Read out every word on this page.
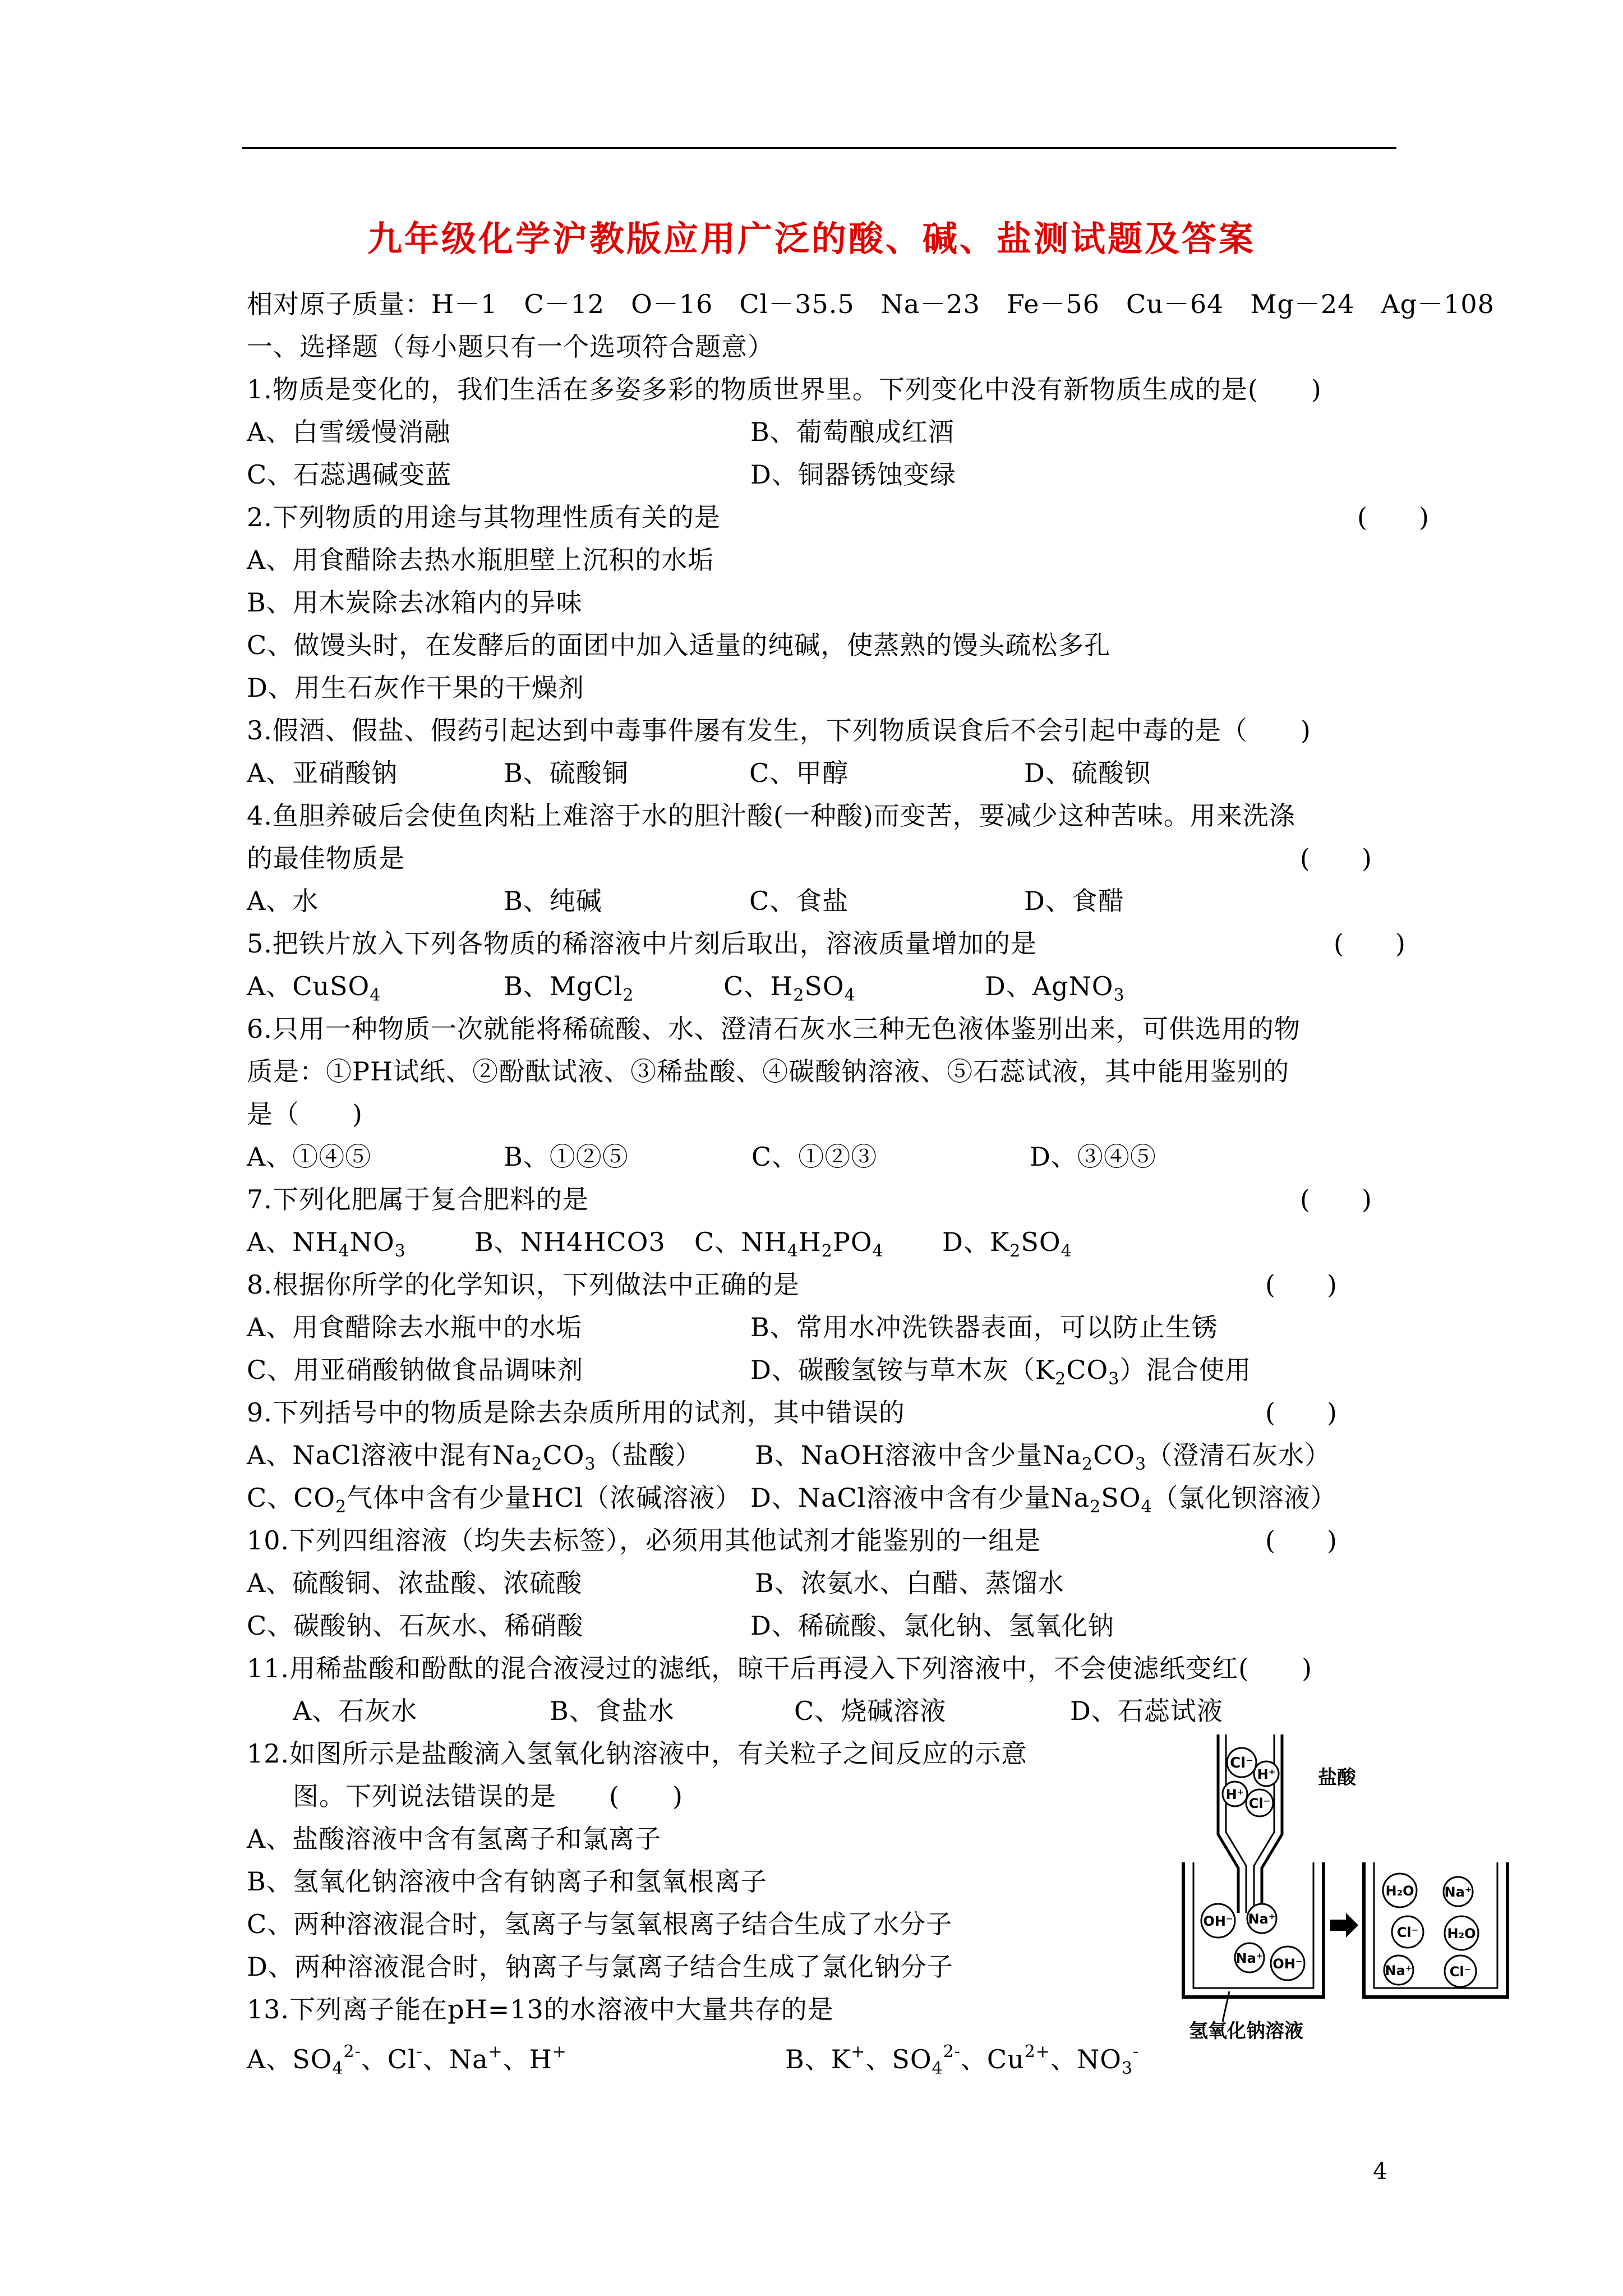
九年级化学沪教版应用广泛的酸、碱、盐测试题及答案
相对原子质量：H－1　C－12　O－16　Cl－35.5　Na－23　Fe－56　Cu－64　Mg－24　Ag－108
一、选择题（每小题只有一个选项符合题意）
1.物质是变化的，我们生活在多姿多彩的物质世界里。下列变化中没有新物质生成的是(　　)
A、白雪缓慢消融	B、葡萄酿成红酒
C、石蕊遇碱变蓝	D、铜器锈蚀变绿
2.下列物质的用途与其物理性质有关的是	(　　)
A、用食醋除去热水瓶胆壁上沉积的水垢
B、用木炭除去冰箱内的异味
C、做馒头时，在发酵后的面团中加入适量的纯碱，使蒸熟的馒头疏松多孔
D、用生石灰作干果的干燥剂
3.假酒、假盐、假药引起达到中毒事件屡有发生，下列物质误食后不会引起中毒的是（　　)
A、亚硝酸钠	B、硫酸铜	C、甲醇	D、硫酸钡
4.鱼胆养破后会使鱼肉粘上难溶于水的胆汁酸(一种酸)而变苦，要减少这种苦味。用来洗涤
的最佳物质是	(　　)
A、水	B、纯碱	C、食盐	D、食醋
5.把铁片放入下列各物质的稀溶液中片刻后取出，溶液质量增加的是	(　　)
A、CuSO$_4$	B、MgCl$_2$	C、$H_2SO_4$	D、AgNO$_3$
6.只用一种物质一次就能将稀硫酸、水、澄清石灰水三种无色液体鉴别出来，可供选用的物
质是：①PH试纸、②酚酞试液、③稀盐酸、④碳酸钠溶液、⑤石蕊试液，其中能用鉴别的
是（　　)
A、①④⑤	B、①②⑤	C、①②③	D、③④⑤
7.下列化肥属于复合肥料的是	(　　)
A、$NH_4NO_3$	B、NH4HCO3 C、$NH_4H_2PO_4$ D、$K_2SO_4$
8.根据你所学的化学知识，下列做法中正确的是	(　　)
A、用食醋除去水瓶中的水垢	B、常用水冲洗铁器表面，可以防止生锈
C、用亚硝酸钠做食品调味剂	D、碳酸氢铵与草木灰$(K_2CO_3)$混合使用
9.下列括号中的物质是除去杂质所用的试剂，其中错误的	(　　)
A、NaCl溶液中混有$Na_2CO_3$（盐酸） B、NaOH溶液中含少量$Na_2CO_3$（澄清石灰水）
C、$CO_2$气体中含有少量HCl（浓碱溶液） D、NaCl溶液中含有少量$Na_2SO_4$（氯化钡溶液）
10.下列四组溶液（均失去标签），必须用其他试剂才能鉴别的一组是	(　　)
A、硫酸铜、浓盐酸、浓硫酸	B、浓氨水、白醋、蒸馏水
C、碳酸钠、石灰水、稀硝酸	D、稀硫酸、氯化钠、氢氧化钠
11.用稀盐酸和酚酞的混合液浸过的滤纸，晾干后再浸入下列溶液中，不会使滤纸变红(　　)
A、石灰水	B、食盐水	C、烧碱溶液	D、石蕊试液
12.如图所示是盐酸滴入氢氧化钠溶液中，有关粒子之间反应的示意
图。下列说法错误的是　　(　　)
A、盐酸溶液中含有氢离子和氯离子
B、氢氧化钠溶液中含有钠离子和氢氧根离子
C、两种溶液混合时，氢离子与氢氧根离子结合生成了水分子
D、两种溶液混合时，钠离子与氯离子结合生成了氯化钠分子
13.下列离子能在pH=13的水溶液中大量共存的是
A、$SO_4^{2-}$、Cl-、Na+、H+	B、K+、$SO_4^{2-}$、$Cu^{2+}$、$NO_3^-$
Cl⁻
H⁺
H⁺
Cl⁻
盐酸
OH⁻ Na⁺
Na⁺ OH⁻
H₂O Na⁺
Cl⁻ H₂O
Na⁺	Cl⁻
氢氧化钠溶液
4
